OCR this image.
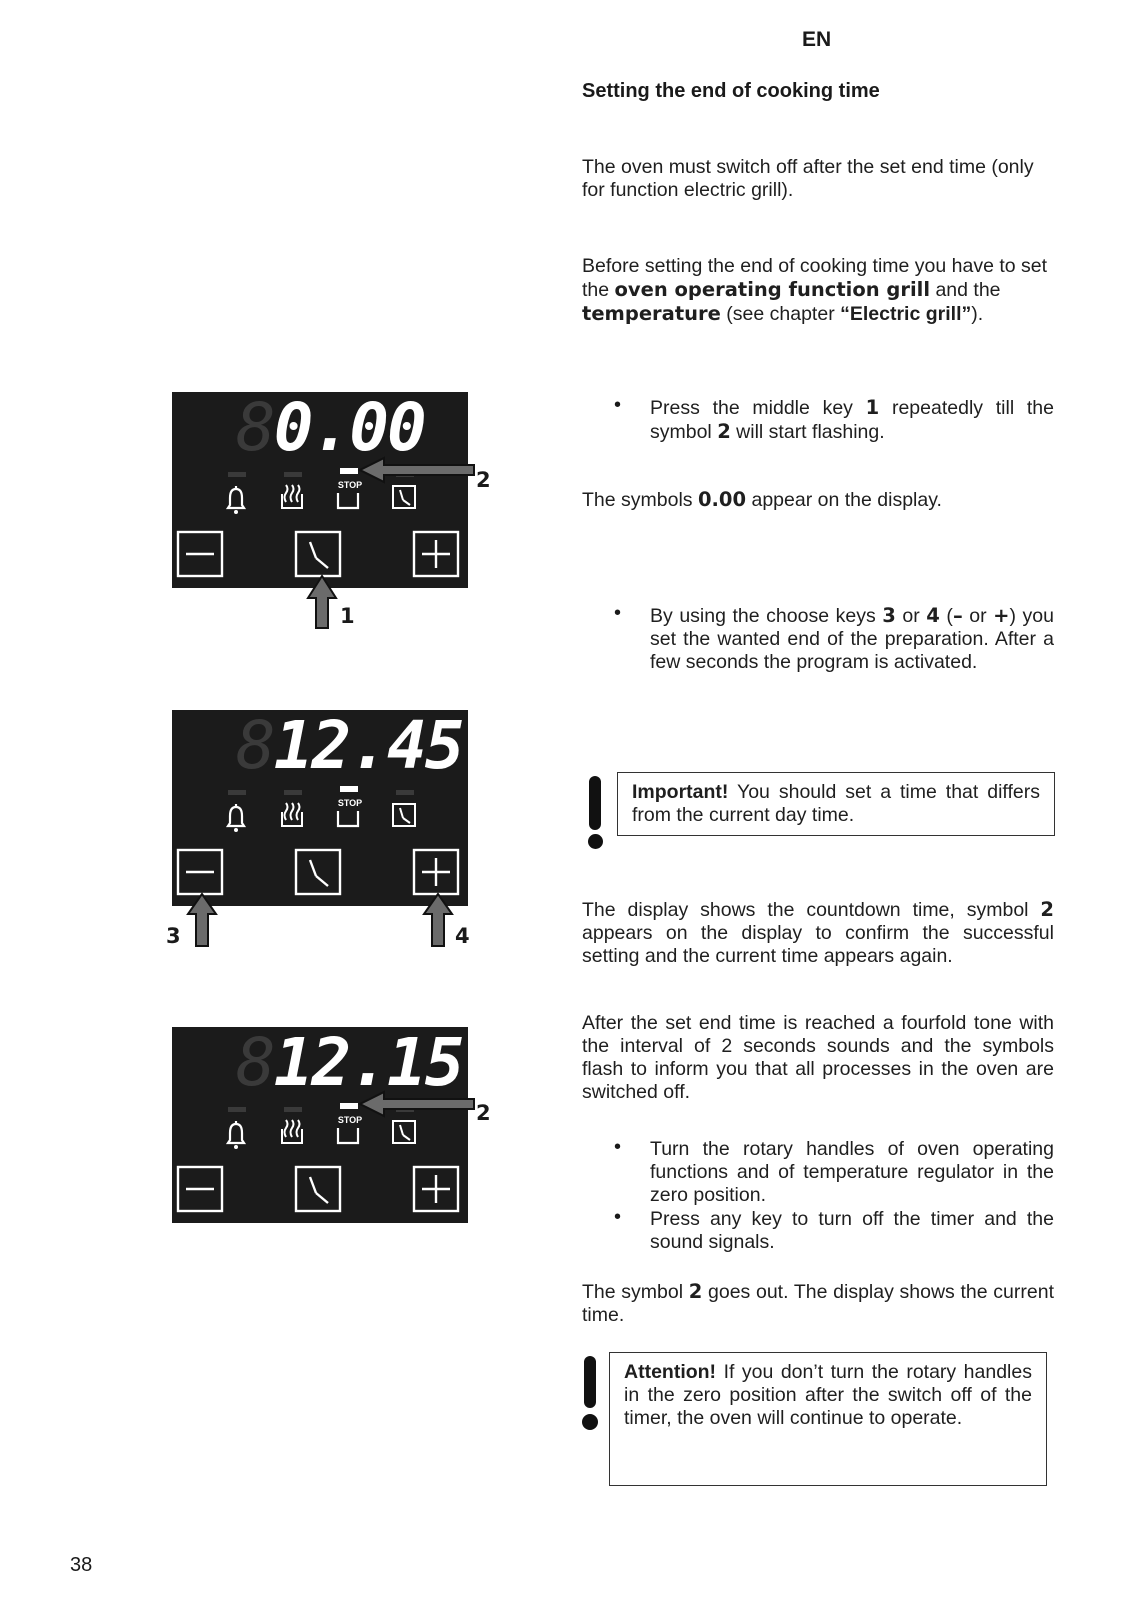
EN
Setting the end of cooking time
The oven must switch off after the set end time (only for function electric grill).
Before setting the end of cooking time you have to set the oven operating function grill and the temperature (see chapter “Electric grill”).
• Press the middle key 1 repeatedly till the symbol 2 will start flashing.
The symbols 0.00 appear on the display.
• By using the choose keys 3 or 4 (– or +) you set the wanted end of the preparation. After a few seconds the program is activated.
Important! You should set a time that differs from the current day time.
The display shows the countdown time, symbol 2 appears on the display to confirm the successful setting and the current time appears again.
After the set end time is reached a fourfold tone with the interval of 2 seconds sounds and the symbols flash to inform you that all processes in the oven are switched off.
• Turn the rotary handles of oven operating functions and of temperature regulator in the zero position.
• Press any key to turn off the timer and the sound signals.
The symbol 2 goes out. The display shows the current time.
Attention! If you don’t turn the rotary handles in the zero position after the switch off of the timer, the oven will continue to operate.
38
80.00
812.45
812.15
STOP
STOP
STOP
2
1
3	4
2
